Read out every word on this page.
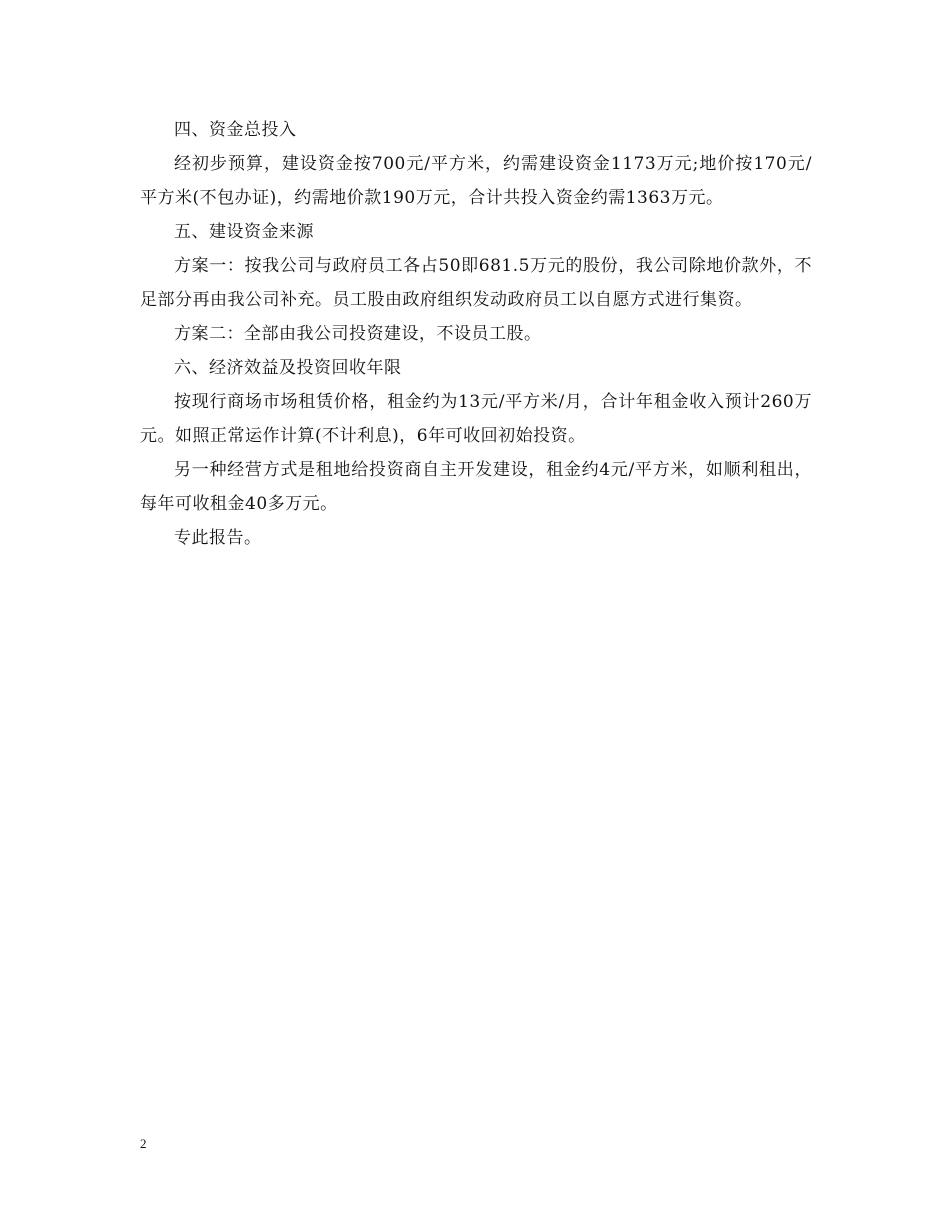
四、资金总投入

经初步预算，建设资金按700元/平方米，约需建设资金1173万元;地价按170元/平方米(不包办证)，约需地价款190万元，合计共投入资金约需1363万元。

五、建设资金来源

方案一：按我公司与政府员工各占50即681.5万元的股份，我公司除地价款外，不足部分再由我公司补充。员工股由政府组织发动政府员工以自愿方式进行集资。

方案二：全部由我公司投资建设，不设员工股。

六、经济效益及投资回收年限

按现行商场市场租赁价格，租金约为13元/平方米/月，合计年租金收入预计260万元。如照正常运作计算(不计利息)，6年可收回初始投资。

另一种经营方式是租地给投资商自主开发建设，租金约4元/平方米，如顺利租出，每年可收租金40多万元。

专此报告。

2
